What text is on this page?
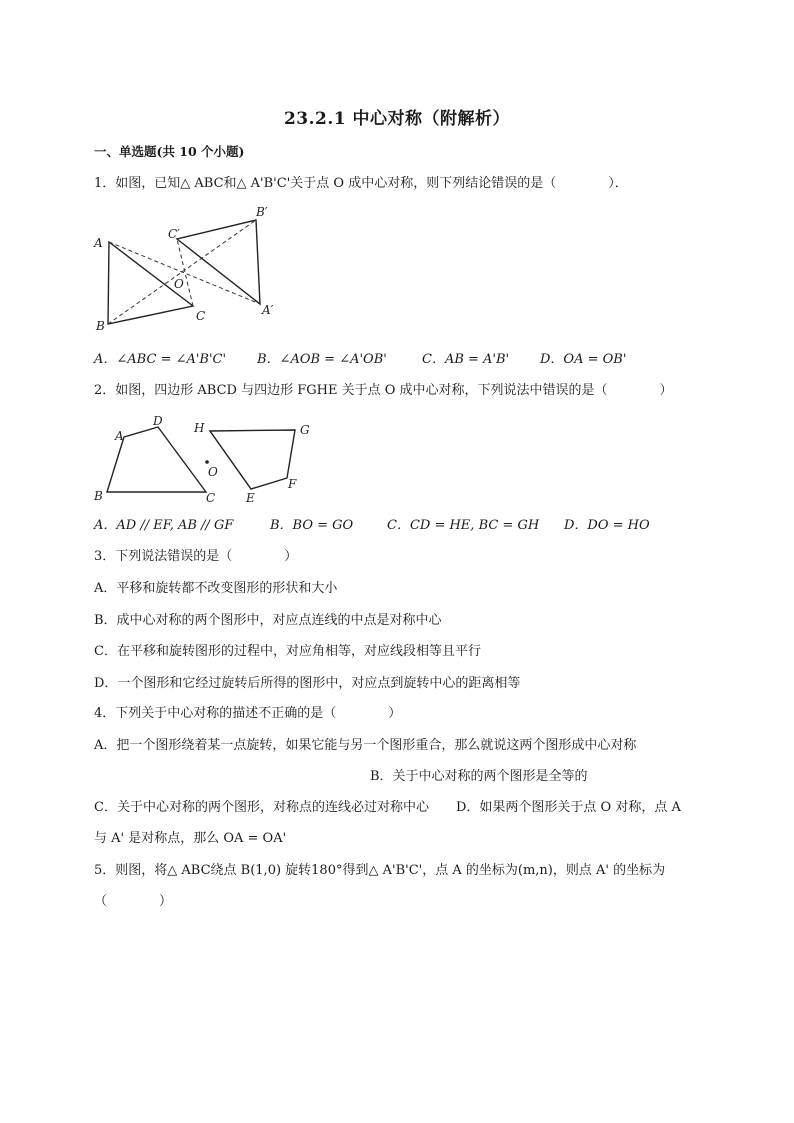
23.2.1 中心对称（附解析）
一、单选题(共 10 个小题)
1．如图，已知△ ABC和△ A'B'C'关于点 O 成中心对称，则下列结论错误的是（　　　　）．
A
B
C
O
A′
B′
C′
A．∠ABC = ∠A'B'C' B．∠AOB = ∠A'OB'	C．AB = A'B' D．OA = OB'
2．如图，四边形 ABCD 与四边形 FGHE 关于点 O 成中心对称，下列说法中错误的是（　　　　）
A
D
B	C
O
H	G
F
E
A．AD // EF, AB // GF	B．BO = GO	C．CD = HE, BC = GH D．DO = HO
3．下列说法错误的是（　　　　）
A．平移和旋转都不改变图形的形状和大小
B．成中心对称的两个图形中，对应点连线的中点是对称中心
C．在平移和旋转图形的过程中，对应角相等，对应线段相等且平行
D．一个图形和它经过旋转后所得的图形中，对应点到旋转中心的距离相等
4．下列关于中心对称的描述不正确的是（　　　　）
A．把一个图形绕着某一点旋转，如果它能与另一个图形重合，那么就说这两个图形成中心对称
B．关于中心对称的两个图形是全等的
C．关于中心对称的两个图形，对称点的连线必过对称中心 D．如果两个图形关于点 O 对称，点 A
与 A' 是对称点，那么 OA = OA'
5．则图，将△ ABC绕点 B(1,0) 旋转180°得到△ A'B'C'，点 A 的坐标为(m,n)，则点 A' 的坐标为
（　　　　）
